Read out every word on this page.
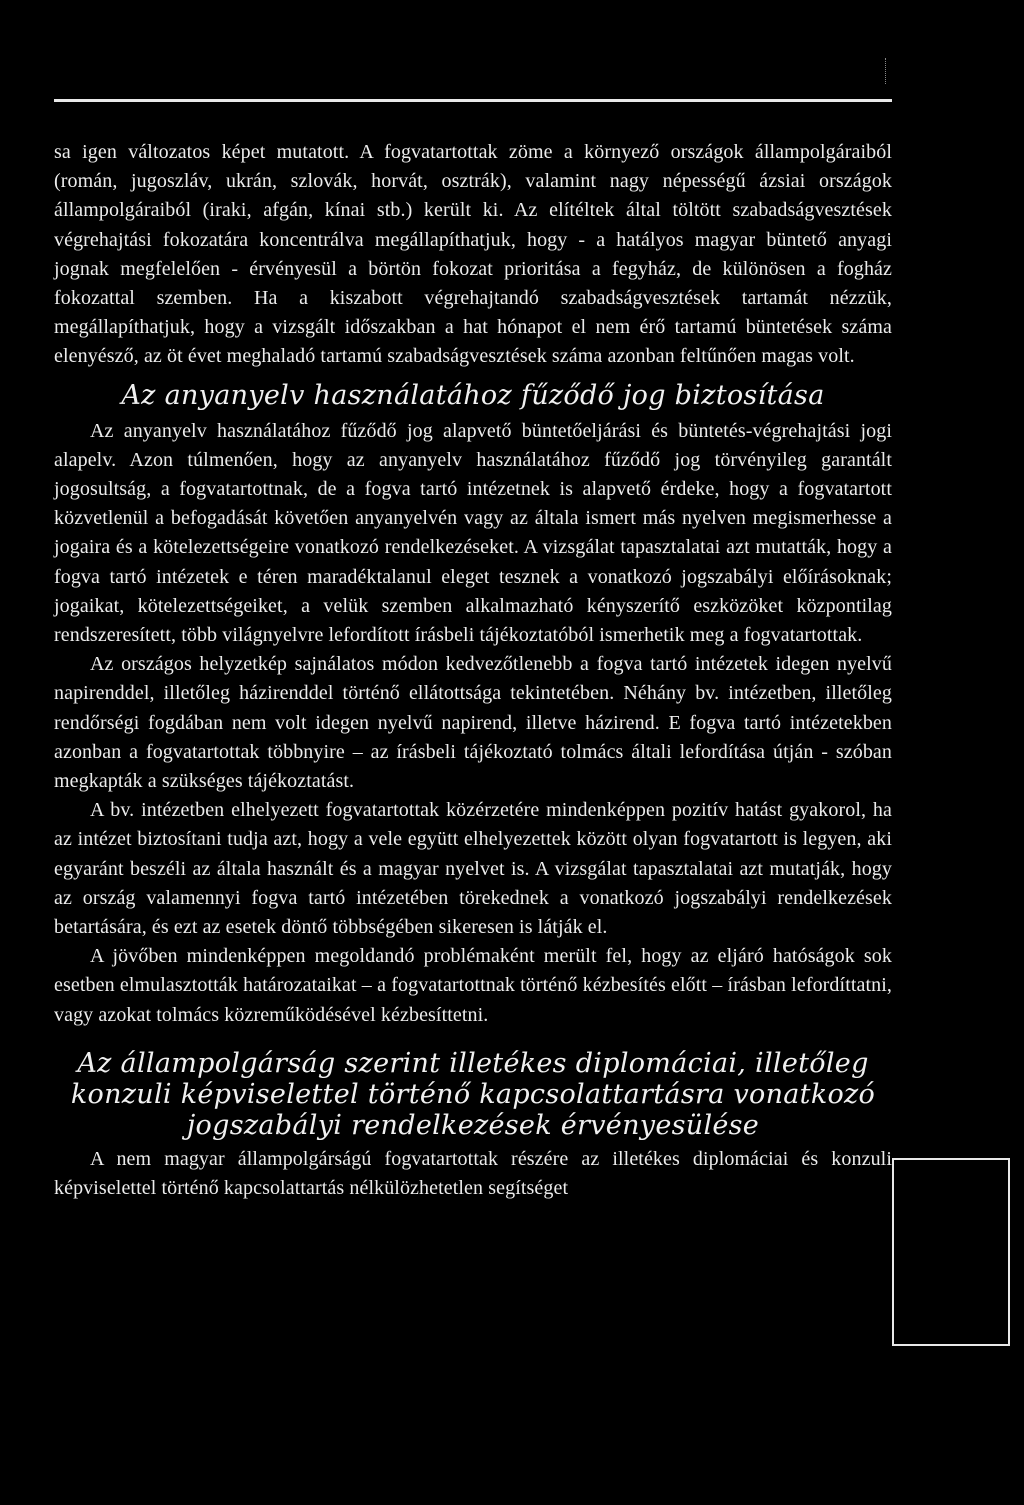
sa igen változatos képet mutatott. A fogvatartottak zöme a környező országok állampolgáraiból (román, jugoszláv, ukrán, szlovák, horvát, osztrák), valamint nagy népességű ázsiai országok állampolgáraiból (iraki, afgán, kínai stb.) került ki. Az elítéltek által töltött szabadságvesztések végrehajtási fokozatára koncentrálva megállapíthatjuk, hogy - a hatályos magyar büntető anyagi jognak megfelelően - érvényesül a börtön fokozat prioritása a fegyház, de különösen a fogház fokozattal szemben. Ha a kiszabott végrehajtandó szabadságvesztések tartamát nézzük, megállapíthatjuk, hogy a vizsgált időszakban a hat hónapot el nem érő tartamú büntetések száma elenyésző, az öt évet meghaladó tartamú szabadságvesztések száma azonban feltűnően magas volt.

Az anyanyelv használatához fűződő jog biztosítása

Az anyanyelv használatához fűződő jog alapvető büntetőeljárási és büntetés-végrehajtási jogi alapelv. Azon túlmenően, hogy az anyanyelv használatához fűződő jog törvényileg garantált jogosultság, a fogvatartottnak, de a fogva tartó intézetnek is alapvető érdeke, hogy a fogvatartott közvetlenül a befogadását követően anyanyelvén vagy az általa ismert más nyelven megismerhesse a jogaira és a kötelezettségeire vonatkozó rendelkezéseket. A vizsgálat tapasztalatai azt mutatták, hogy a fogva tartó intézetek e téren maradéktalanul eleget tesznek a vonatkozó jogszabályi előírásoknak; jogaikat, kötelezettségeiket, a velük szemben alkalmazható kényszerítő eszközöket központilag rendszeresített, több világnyelvre lefordított írásbeli tájékoztatóból ismerhetik meg a fogvatartottak.

Az országos helyzetkép sajnálatos módon kedvezőtlenebb a fogva tartó intézetek idegen nyelvű napirenddel, illetőleg házirenddel történő ellátottsága tekintetében. Néhány bv. intézetben, illetőleg rendőrségi fogdában nem volt idegen nyelvű napirend, illetve házirend. E fogva tartó intézetekben azonban a fogvatartottak többnyire – az írásbeli tájékoztató tolmács általi lefordítása útján - szóban megkapták a szükséges tájékoztatást.

A bv. intézetben elhelyezett fogvatartottak közérzetére mindenképpen pozitív hatást gyakorol, ha az intézet biztosítani tudja azt, hogy a vele együtt elhelyezettek között olyan fogvatartott is legyen, aki egyaránt beszéli az általa használt és a magyar nyelvet is. A vizsgálat tapasztalatai azt mutatják, hogy az ország valamennyi fogva tartó intézetében törekednek a vonatkozó jogszabályi rendelkezések betartására, és ezt az esetek döntő többségében sikeresen is látják el.

A jövőben mindenképpen megoldandó problémaként merült fel, hogy az eljáró hatóságok sok esetben elmulasztották határozataikat – a fogvatartottnak történő kézbesítés előtt – írásban lefordíttatni, vagy azokat tolmács közreműködésével kézbesíttetni.

Az állampolgárság szerint illetékes diplomáciai, illetőleg konzuli képviselettel történő kapcsolattartásra vonatkozó jogszabályi rendelkezések érvényesülése

A nem magyar állampolgárságú fogvatartottak részére az illetékes diplomáciai és konzuli képviselettel történő kapcsolattartás nélkülözhetetlen segítséget
